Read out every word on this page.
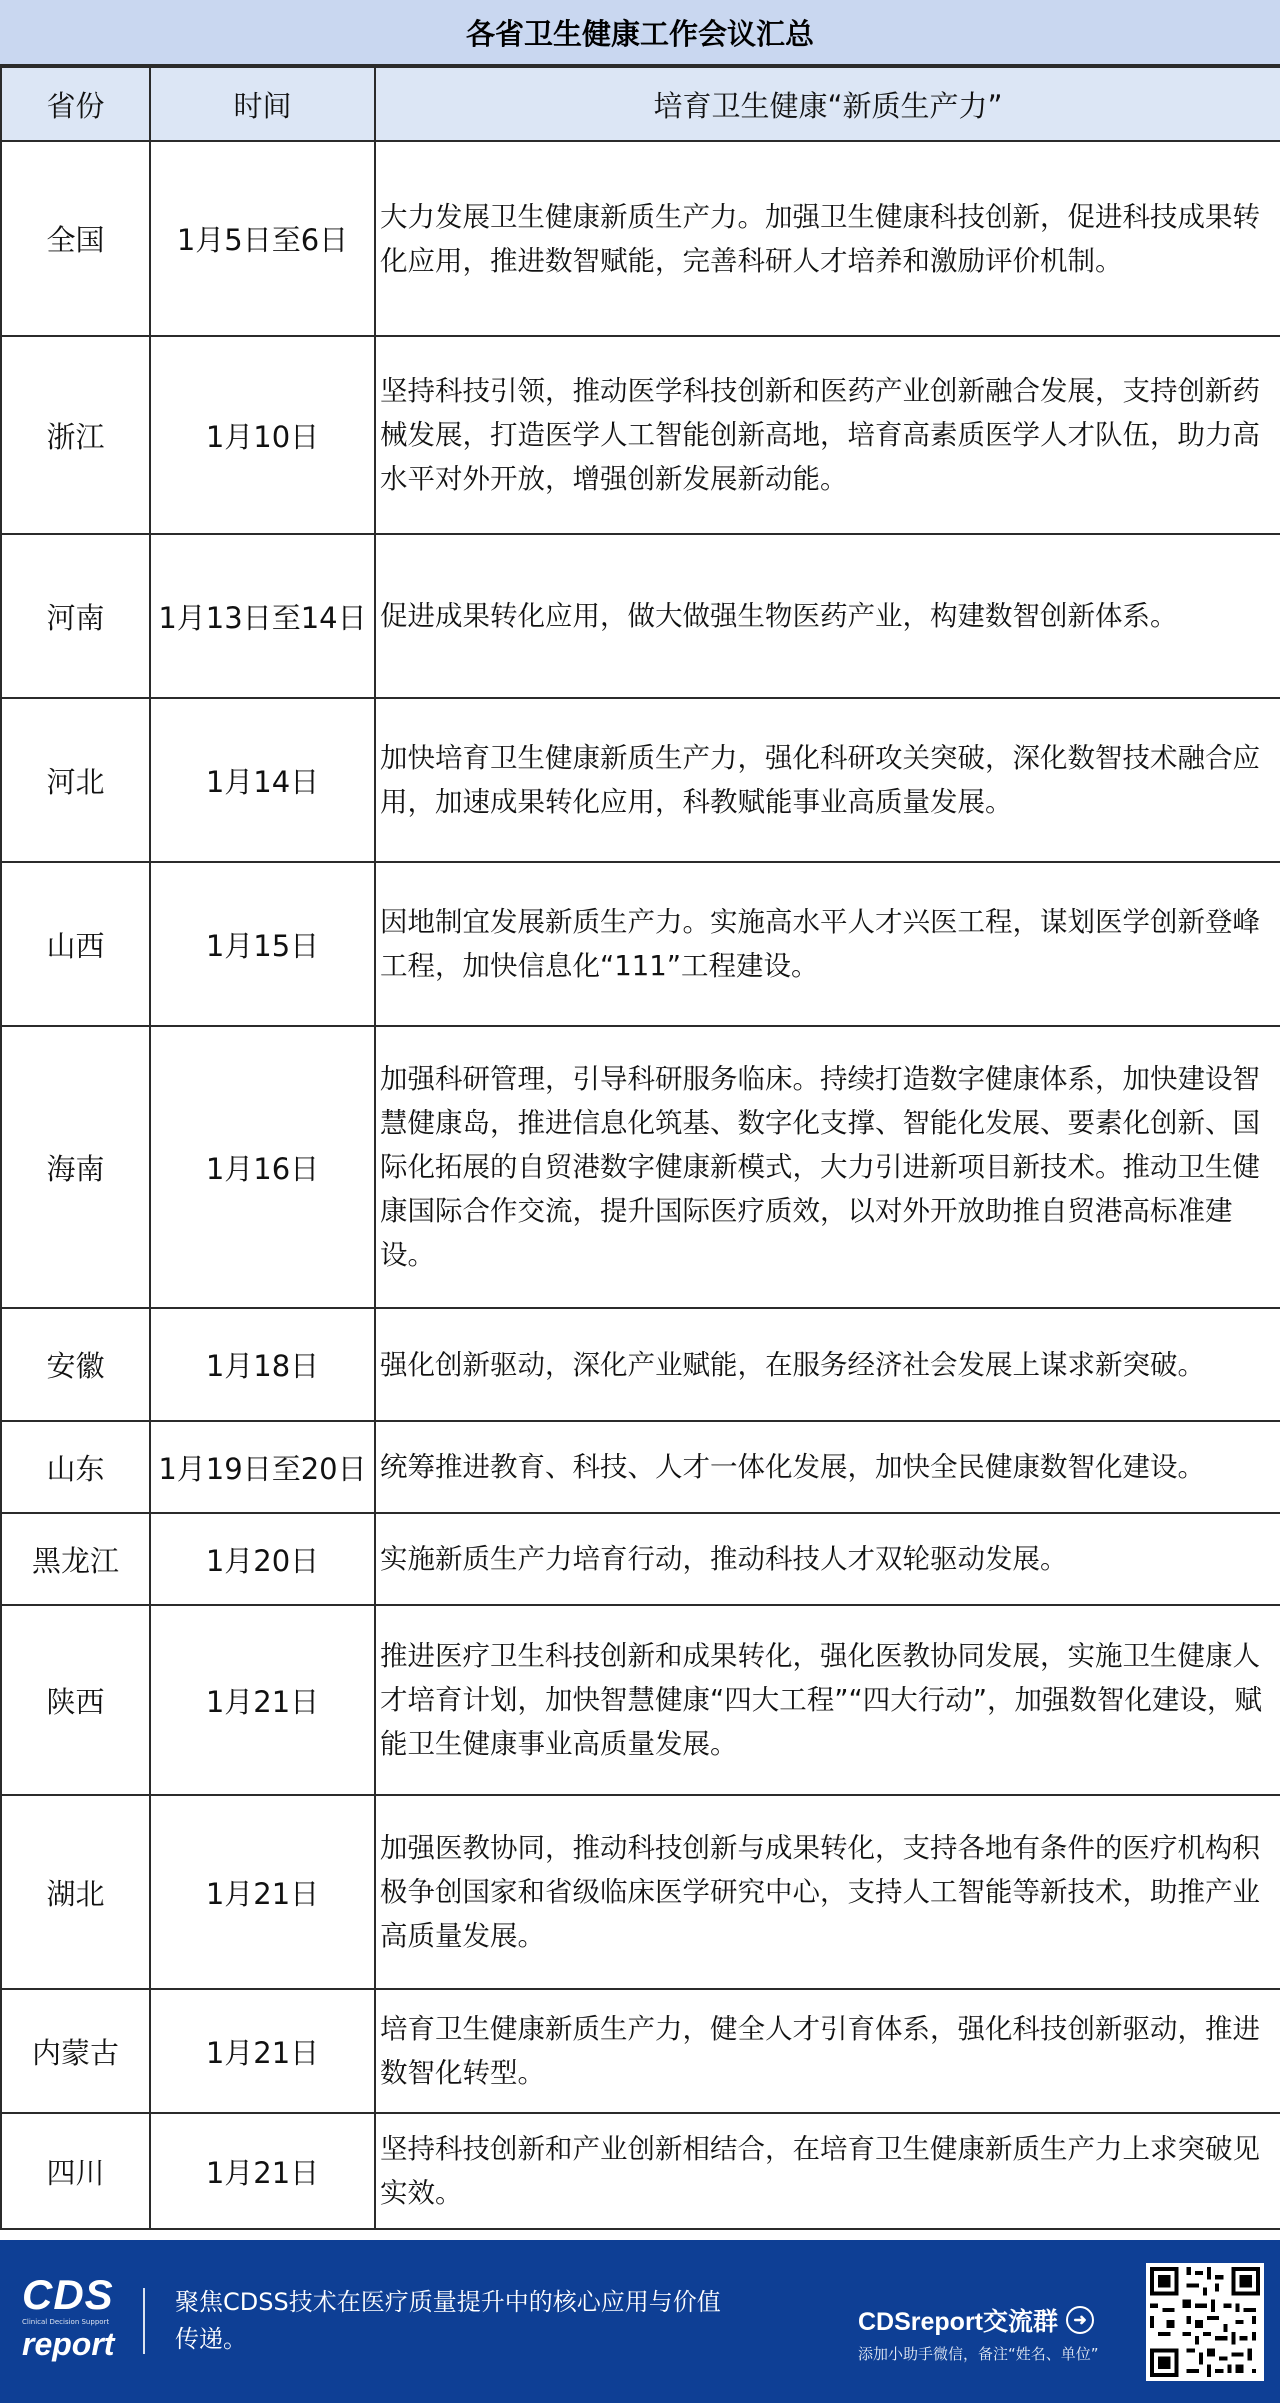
各省卫生健康工作会议汇总
省份	时间	培育卫生健康“新质生产力”
全国	1月5日至6日	大力发展卫生健康新质生产力。加强卫生健康科技创新，促进科技成果转化应用，推进数智赋能，完善科研人才培养和激励评价机制。
浙江	1月10日	坚持科技引领，推动医学科技创新和医药产业创新融合发展，支持创新药械发展，打造医学人工智能创新高地，培育高素质医学人才队伍，助力高水平对外开放，增强创新发展新动能。
河南	1月13日至14日	促进成果转化应用，做大做强生物医药产业，构建数智创新体系。
河北	1月14日	加快培育卫生健康新质生产力，强化科研攻关突破，深化数智技术融合应用，加速成果转化应用，科教赋能事业高质量发展。
山西	1月15日	因地制宜发展新质生产力。实施高水平人才兴医工程，谋划医学创新登峰工程，加快信息化“111”工程建设。
海南	1月16日	加强科研管理，引导科研服务临床。持续打造数字健康体系，加快建设智慧健康岛，推进信息化筑基、数字化支撑、智能化发展、要素化创新、国际化拓展的自贸港数字健康新模式，大力引进新项目新技术。推动卫生健康国际合作交流，提升国际医疗质效，以对外开放助推自贸港高标准建设。
安徽	1月18日	强化创新驱动，深化产业赋能，在服务经济社会发展上谋求新突破。
山东	1月19日至20日	统筹推进教育、科技、人才一体化发展，加快全民健康数智化建设。
黑龙江	1月20日	实施新质生产力培育行动，推动科技人才双轮驱动发展。
陕西	1月21日	推进医疗卫生科技创新和成果转化，强化医教协同发展，实施卫生健康人才培育计划，加快智慧健康“四大工程”“四大行动”，加强数智化建设，赋能卫生健康事业高质量发展。
湖北	1月21日	加强医教协同，推动科技创新与成果转化，支持各地有条件的医疗机构积极争创国家和省级临床医学研究中心，支持人工智能等新技术，助推产业高质量发展。
内蒙古	1月21日	培育卫生健康新质生产力，健全人才引育体系，强化科技创新驱动，推进数智化转型。
四川	1月21日	坚持科技创新和产业创新相结合，在培育卫生健康新质生产力上求突破见实效。
CDS
Clinical Decision Support
report
聚焦CDSS技术在医疗质量提升中的核心应用与价值传递。
CDSreport交流群 ➜
添加小助手微信，备注“姓名、单位”
